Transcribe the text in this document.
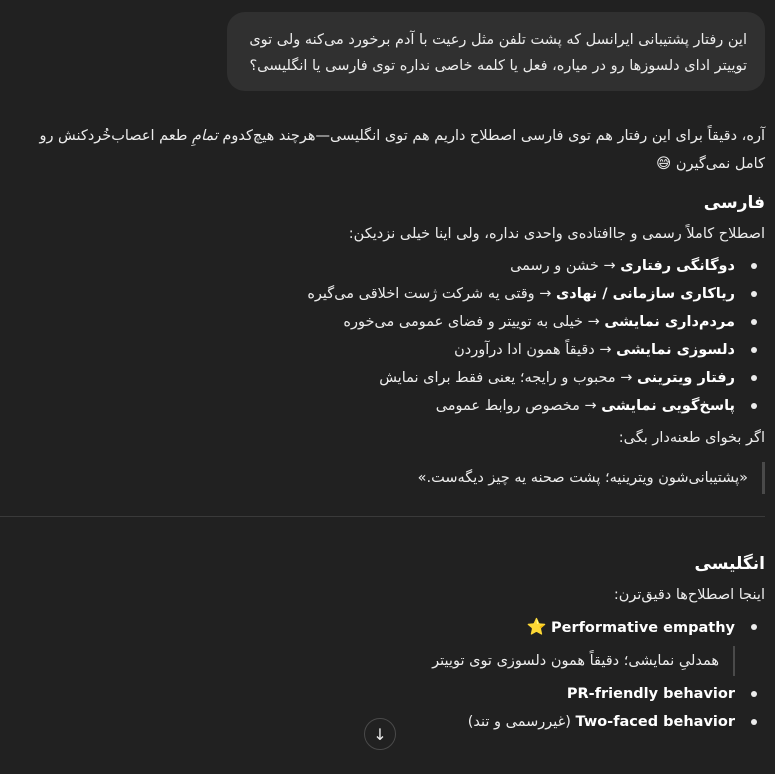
این رفتار پشتیبانی ایرانسل که پشت تلفن مثل رعیت با آدم برخورد می‌کنه ولی توی
توییتر ادای دلسوزها رو در میاره، فعل یا کلمه خاصی نداره توی فارسی یا انگلیسی؟

آره، دقیقاً برای این رفتار هم توی فارسی اصطلاح داریم هم توی انگلیسی—هرچند هیچ‌کدوم تمامِ طعم اعصاب‌خُردکنش رو
کامل نمی‌گیرن 😅

فارسی

اصطلاح کاملاً رسمی و جاافتاده‌ی واحدی نداره، ولی اینا خیلی نزدیکن:

دوگانگی رفتاری → خشن و رسمی
ریاکاری سازمانی / نهادی → وقتی یه شرکت ژست اخلاقی می‌گیره
مردم‌داری نمایشی → خیلی به توییتر و فضای عمومی می‌خوره
دلسوزی نمایشی → دقیقاً همون ادا درآوردن
رفتار ویترینی → محبوب و رایجه؛ یعنی فقط برای نمایش
پاسخ‌گویی نمایشی → مخصوص روابط عمومی

اگر بخوای طعنه‌دار بگی:

«پشتیبانی‌شون ویترینیه؛ پشت صحنه یه چیز دیگه‌ست.»
انگلیسی

اینجا اصطلاح‌ها دقیق‌ترن:

Performative empathy ⭐
همدلیِ نمایشی؛ دقیقاً همون دلسوزی توی توییتر
PR-friendly behavior
Two-faced behavior (غیررسمی و تند)
↓
